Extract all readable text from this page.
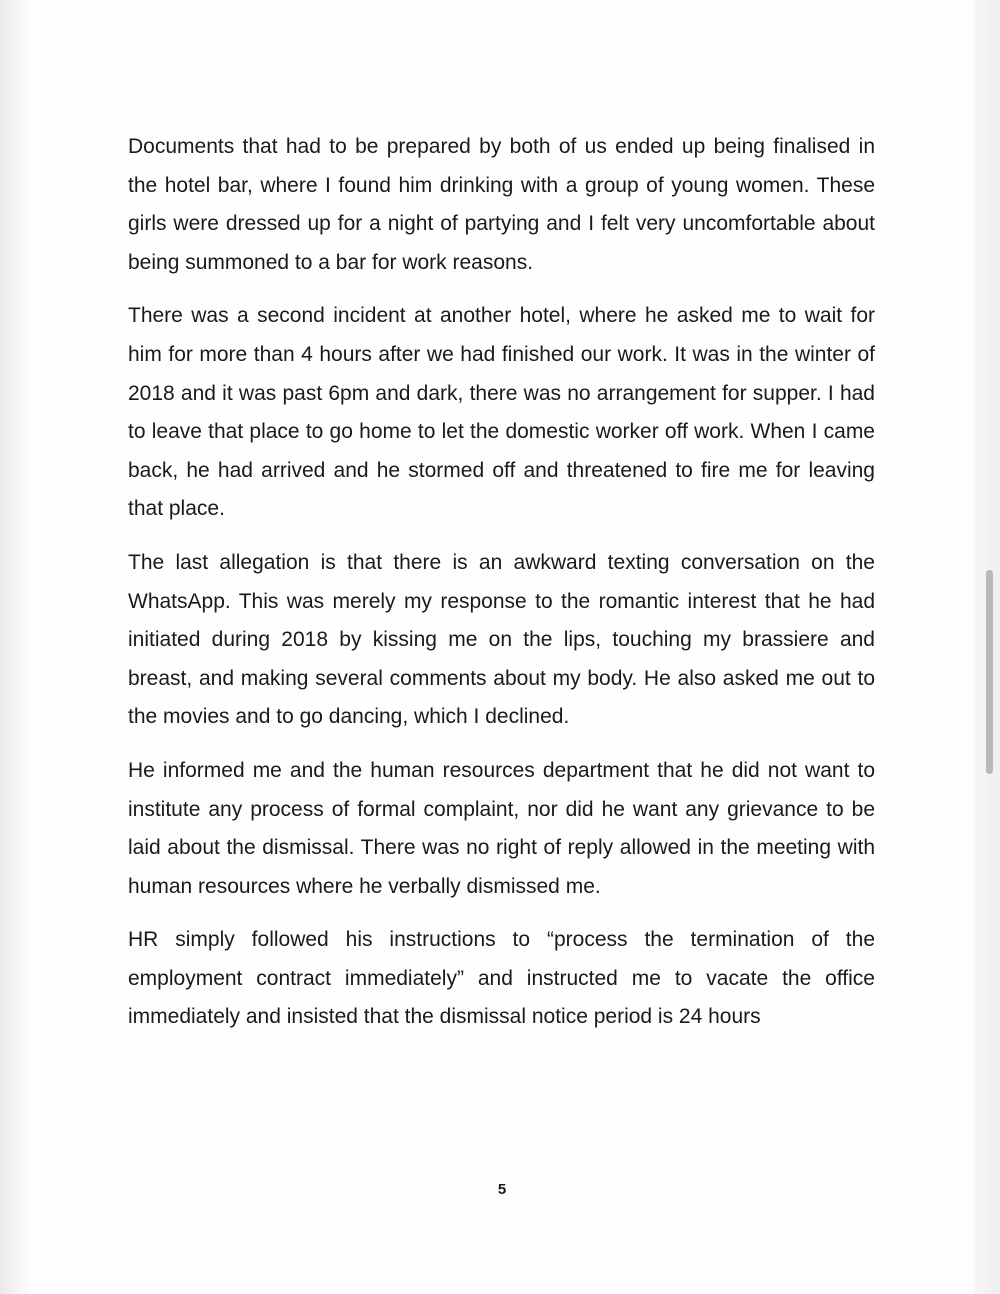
Documents that had to be prepared by both of us ended up being finalised in the hotel bar, where I found him drinking with a group of young women. These girls were dressed up for a night of partying and I felt very uncomfortable about being summoned to a bar for work reasons.

There was a second incident at another hotel, where he asked me to wait for him for more than 4 hours after we had finished our work. It was in the winter of 2018 and it was past 6pm and dark, there was no arrangement for supper. I had to leave that place to go home to let the domestic worker off work. When I came back, he had arrived and he stormed off and threatened to fire me for leaving that place.

The last allegation is that there is an awkward texting conversation on the WhatsApp. This was merely my response to the romantic interest that he had initiated during 2018 by kissing me on the lips, touching my brassiere and breast, and making several comments about my body. He also asked me out to the movies and to go dancing, which I declined.

He informed me and the human resources department that he did not want to institute any process of formal complaint, nor did he want any grievance to be laid about the dismissal. There was no right of reply allowed in the meeting with human resources where he verbally dismissed me.

HR simply followed his instructions to “process the termination of the employment contract immediately” and instructed me to vacate the office immediately and insisted that the dismissal notice period is 24 hours

5
